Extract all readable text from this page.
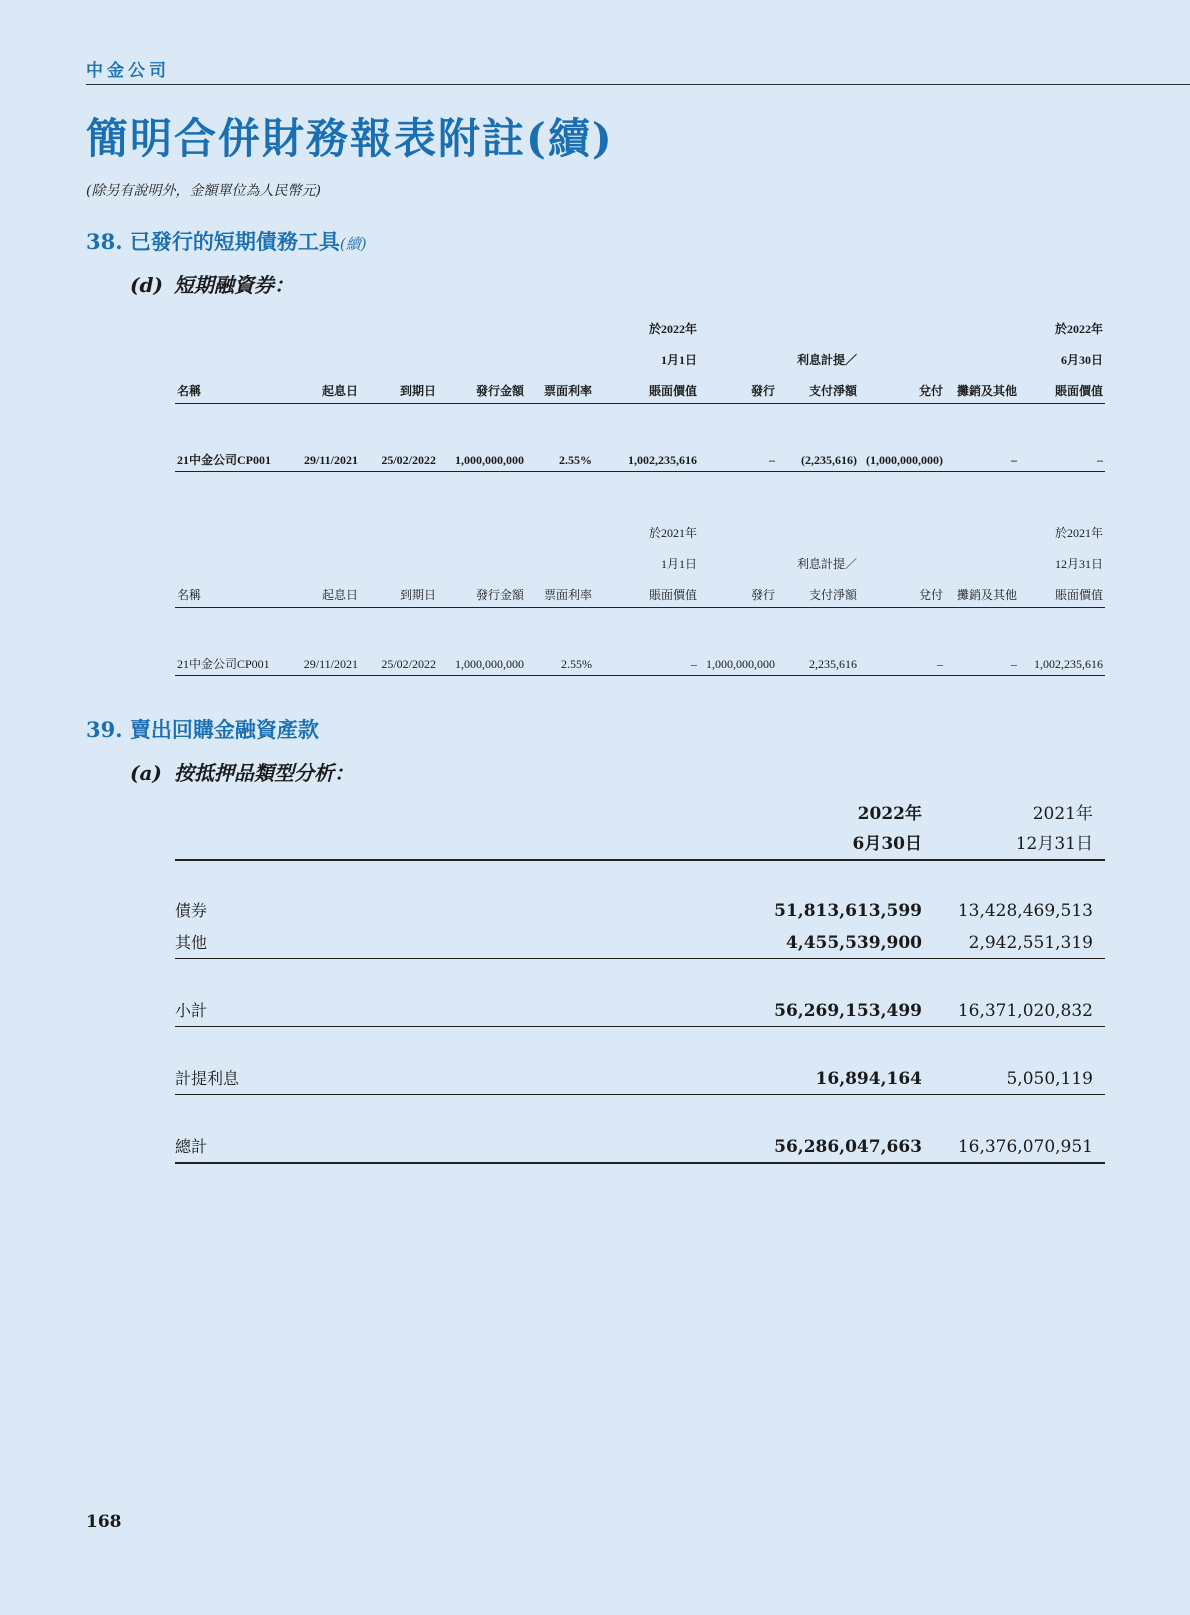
中金公司
簡明合併財務報表附註(續)
(除另有說明外，金額單位為人民幣元)
38. 已發行的短期債務工具(續)
(d) 短期融資券：
					於2022年					於2022年
					1月1日		利息計提／			6月30日
名稱	起息日	到期日	發行金額	票面利率	賬面價值	發行	支付淨額	兌付	攤銷及其他	賬面價值

21中金公司CP001	29/11/2021	25/02/2022	1,000,000,000	2.55%	1,002,235,616	–	(2,235,616)	(1,000,000,000)	–	–
					於2021年					於2021年
					1月1日		利息計提／			12月31日
名稱	起息日	到期日	發行金額	票面利率	賬面價值	發行	支付淨額	兌付	攤銷及其他	賬面價值

21中金公司CP001	29/11/2021	25/02/2022	1,000,000,000	2.55%	–	1,000,000,000	2,235,616	–	–	1,002,235,616
39. 賣出回購金融資產款
(a) 按抵押品類型分析：
2022年	2021年
6月30日	12月31日
債券	51,813,613,599 13,428,469,513
其他	4,455,539,900	2,942,551,319
小計	56,269,153,499 16,371,020,832
計提利息	16,894,164	5,050,119
總計	56,286,047,663 16,376,070,951
168
